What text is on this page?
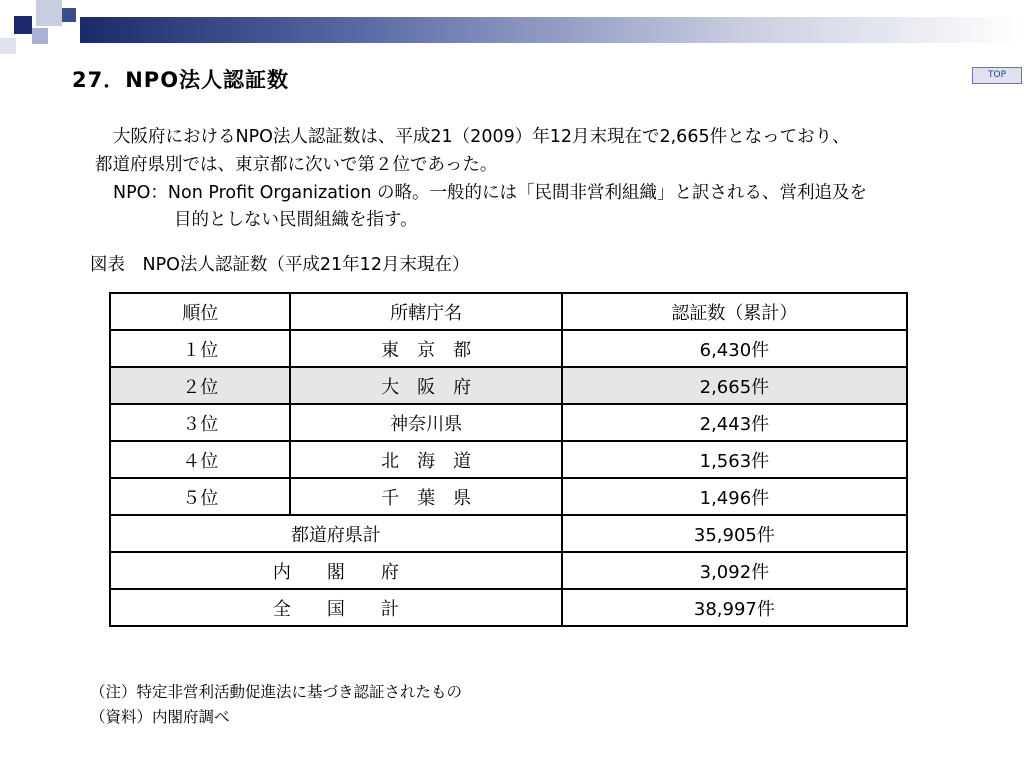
27．NPO法人認証数	TOP
大阪府におけるNPO法人認証数は、平成21（2009）年12月末現在で2,665件となっており、
都道府県別では、東京都に次いで第２位であった。
NPO：Non Profit Organization の略。一般的には「民間非営利組織」と訳される、営利追及を
目的としない民間組織を指す。
図表　NPO法人認証数（平成21年12月末現在）
順位	所轄庁名	認証数（累計）
１位	東　京　都	6,430件
２位	大　阪　府	2,665件
３位	神奈川県	2,443件
４位	北　海　道	1,563件
５位	千　葉　県	1,496件
都道府県計		35,905件
内　　閣　　府		3,092件
全　　国　　計		38,997件
（注）特定非営利活動促進法に基づき認証されたもの
（資料）内閣府調べ
